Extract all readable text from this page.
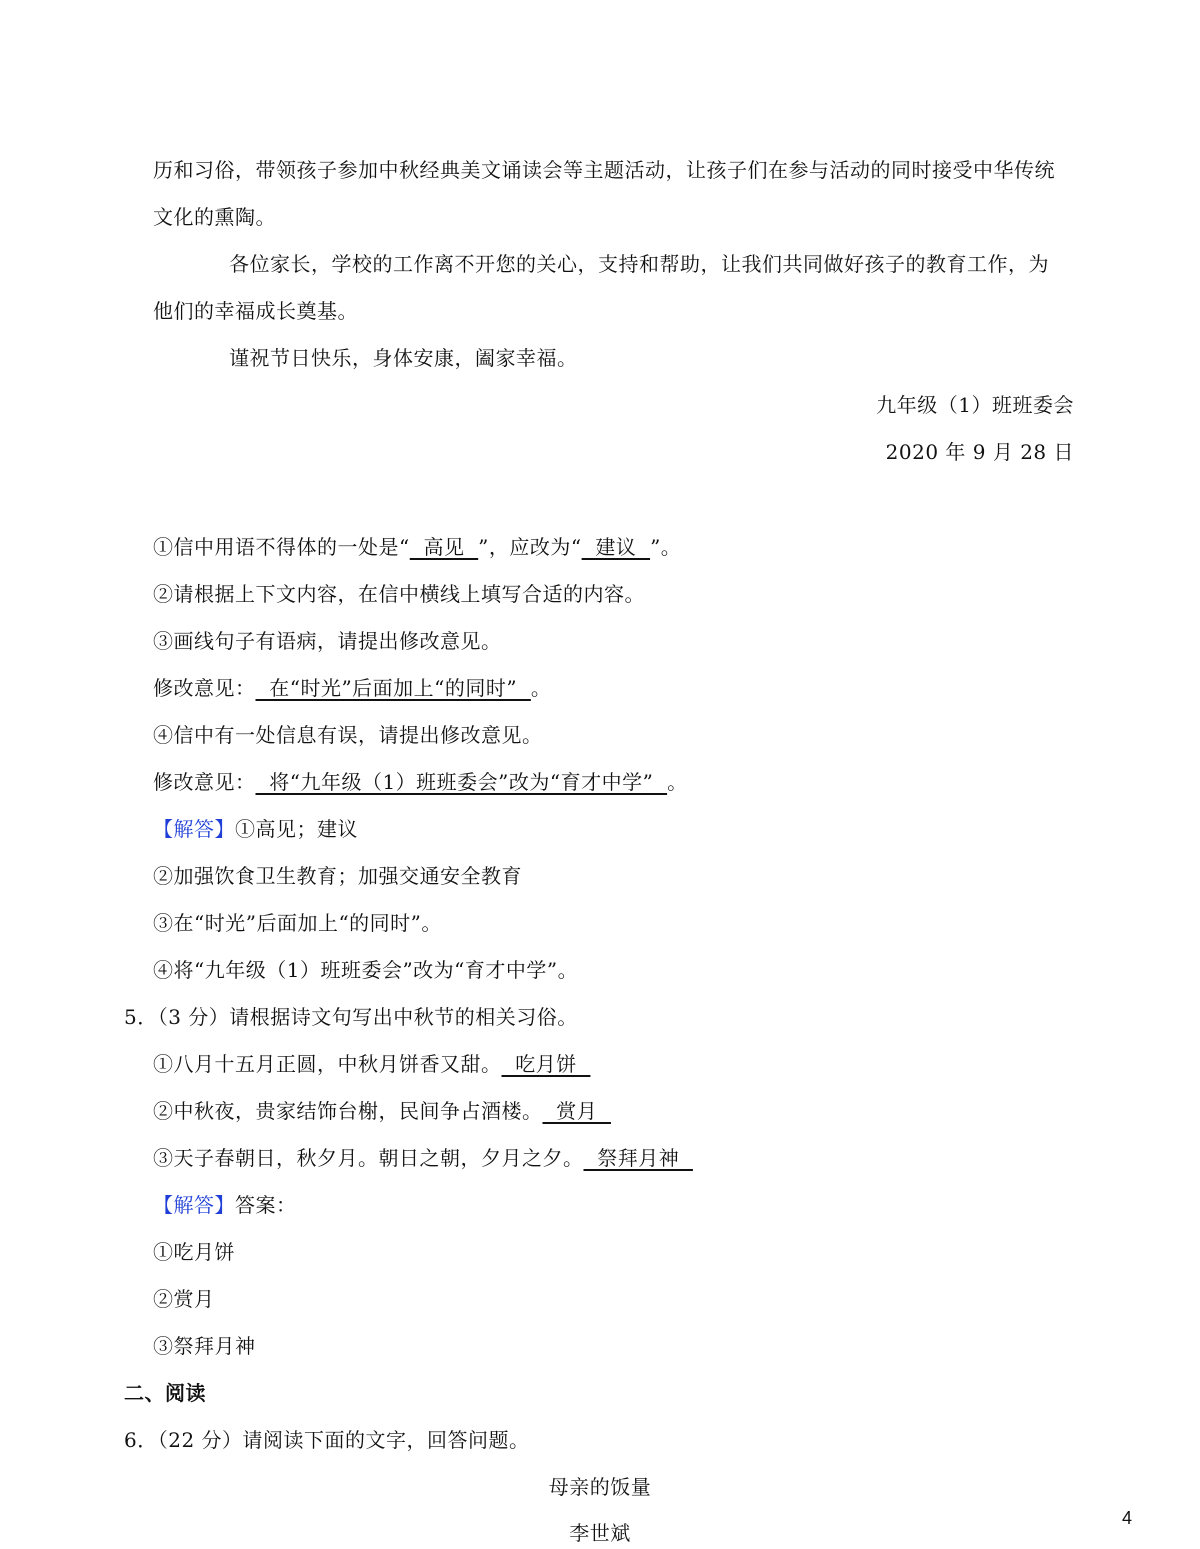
历和习俗，带领孩子参加中秋经典美文诵读会等主题活动，让孩子们在参与活动的同时接受中华传统
文化的熏陶。
各位家长，学校的工作离不开您的关心，支持和帮助，让我们共同做好孩子的教育工作，为
他们的幸福成长奠基。
谨祝节日快乐，身体安康，阖家幸福。
九年级（1）班班委会
2020 年 9 月 28 日
①信中用语不得体的一处是“  高见  ”，应改为“  建议  ”。
②请根据上下文内容，在信中横线上填写合适的内容。
③画线句子有语病，请提出修改意见。
修改意见：  在“时光”后面加上“的同时”  。
④信中有一处信息有误，请提出修改意见。
修改意见：  将“九年级（1）班班委会”改为“育才中学”  。
【解答】①高见；建议
②加强饮食卫生教育；加强交通安全教育
③在“时光”后面加上“的同时”。
④将“九年级（1）班班委会”改为“育才中学”。
5．（3 分）请根据诗文句写出中秋节的相关习俗。
①八月十五月正圆，中秋月饼香又甜。  吃月饼
②中秋夜，贵家结饰台榭，民间争占酒楼。  赏月
③天子春朝日，秋夕月。朝日之朝，夕月之夕。  祭拜月神
【解答】答案：
①吃月饼
②赏月
③祭拜月神
二、阅读
6．（22 分）请阅读下面的文字，回答问题。
母亲的饭量
李世斌
4
